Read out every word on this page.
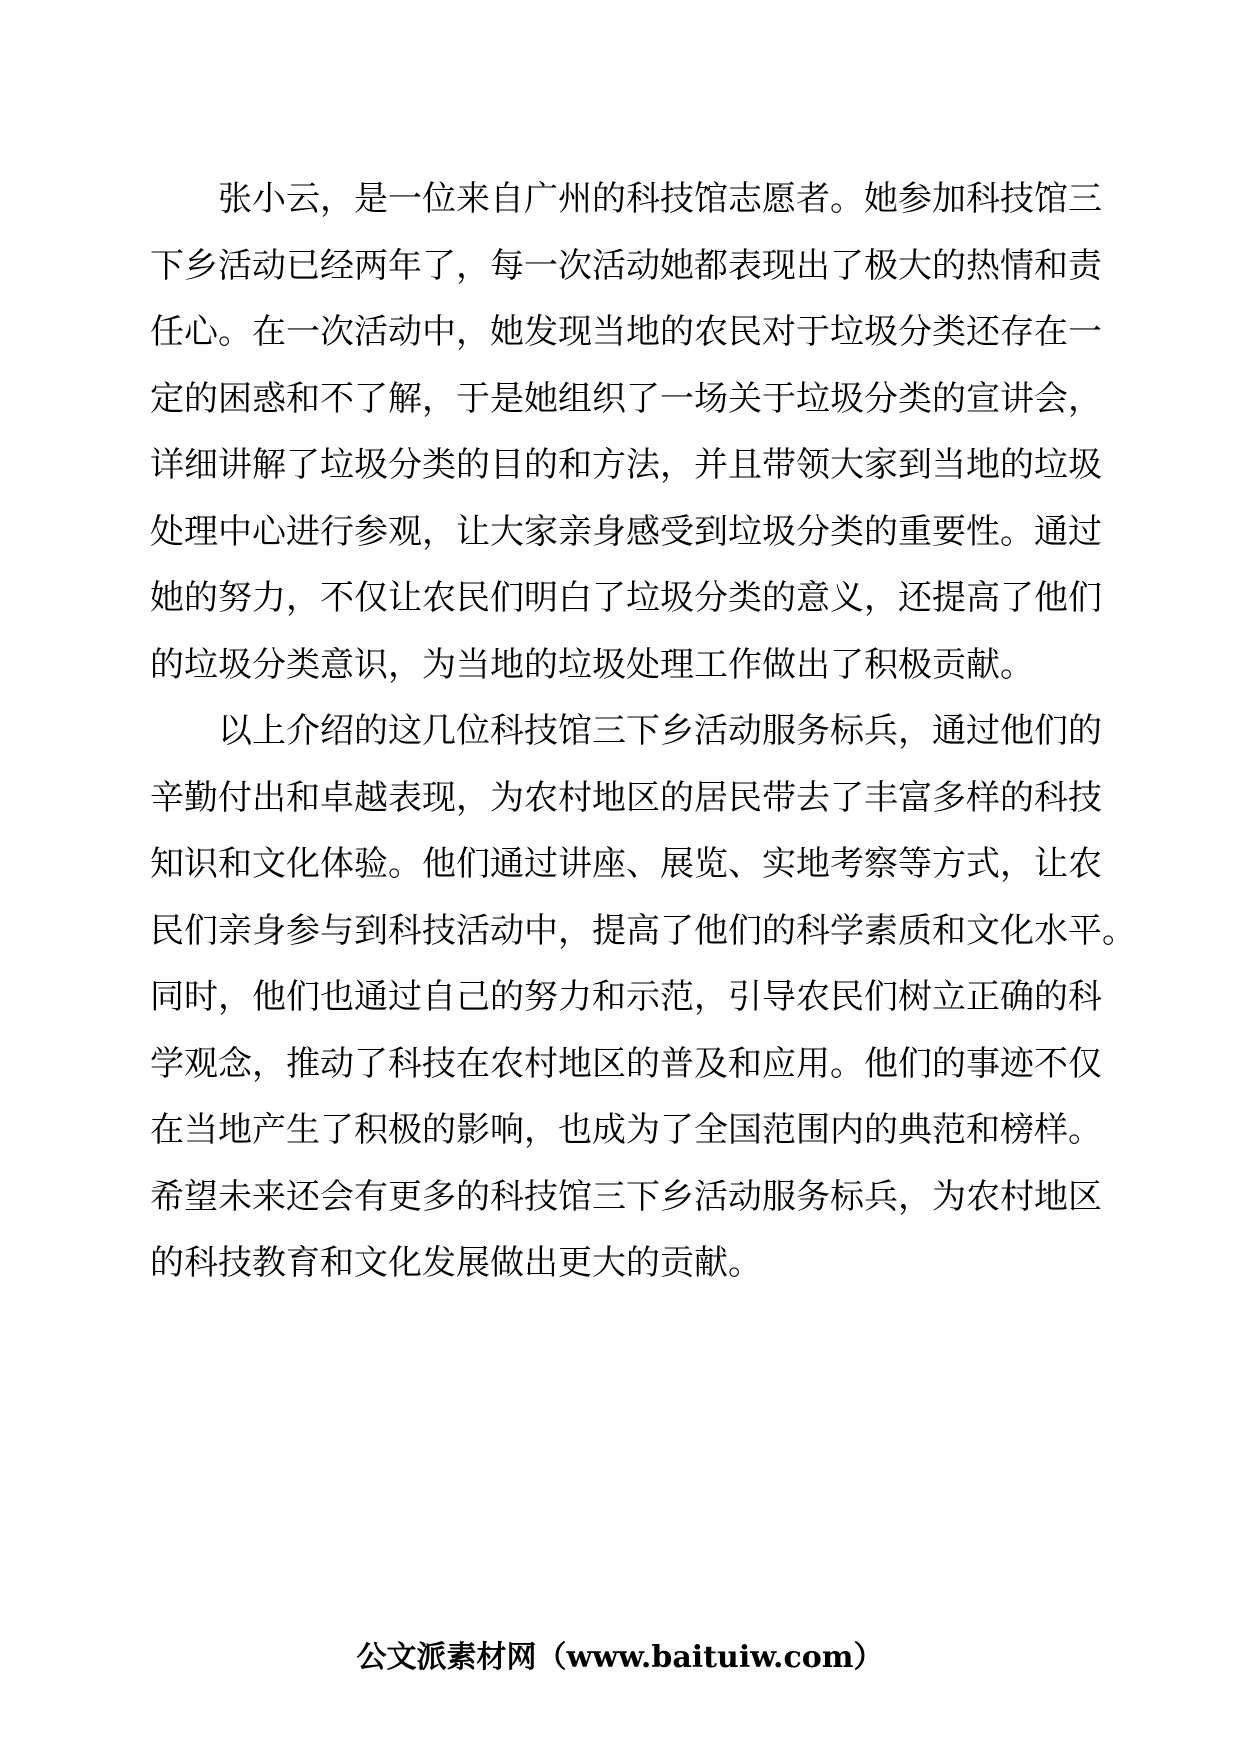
张小云，是一位来自广州的科技馆志愿者。她参加科技馆三
下乡活动已经两年了，每一次活动她都表现出了极大的热情和责
任心。在一次活动中，她发现当地的农民对于垃圾分类还存在一
定的困惑和不了解，于是她组织了一场关于垃圾分类的宣讲会，
详细讲解了垃圾分类的目的和方法，并且带领大家到当地的垃圾
处理中心进行参观，让大家亲身感受到垃圾分类的重要性。通过
她的努力，不仅让农民们明白了垃圾分类的意义，还提高了他们
的垃圾分类意识，为当地的垃圾处理工作做出了积极贡献。
以上介绍的这几位科技馆三下乡活动服务标兵，通过他们的
辛勤付出和卓越表现，为农村地区的居民带去了丰富多样的科技
知识和文化体验。他们通过讲座、展览、实地考察等方式，让农
民们亲身参与到科技活动中，提高了他们的科学素质和文化水平。
同时，他们也通过自己的努力和示范，引导农民们树立正确的科
学观念，推动了科技在农村地区的普及和应用。他们的事迹不仅
在当地产生了积极的影响，也成为了全国范围内的典范和榜样。
希望未来还会有更多的科技馆三下乡活动服务标兵，为农村地区
的科技教育和文化发展做出更大的贡献。
公文派素材网（www.baituiw.com）
